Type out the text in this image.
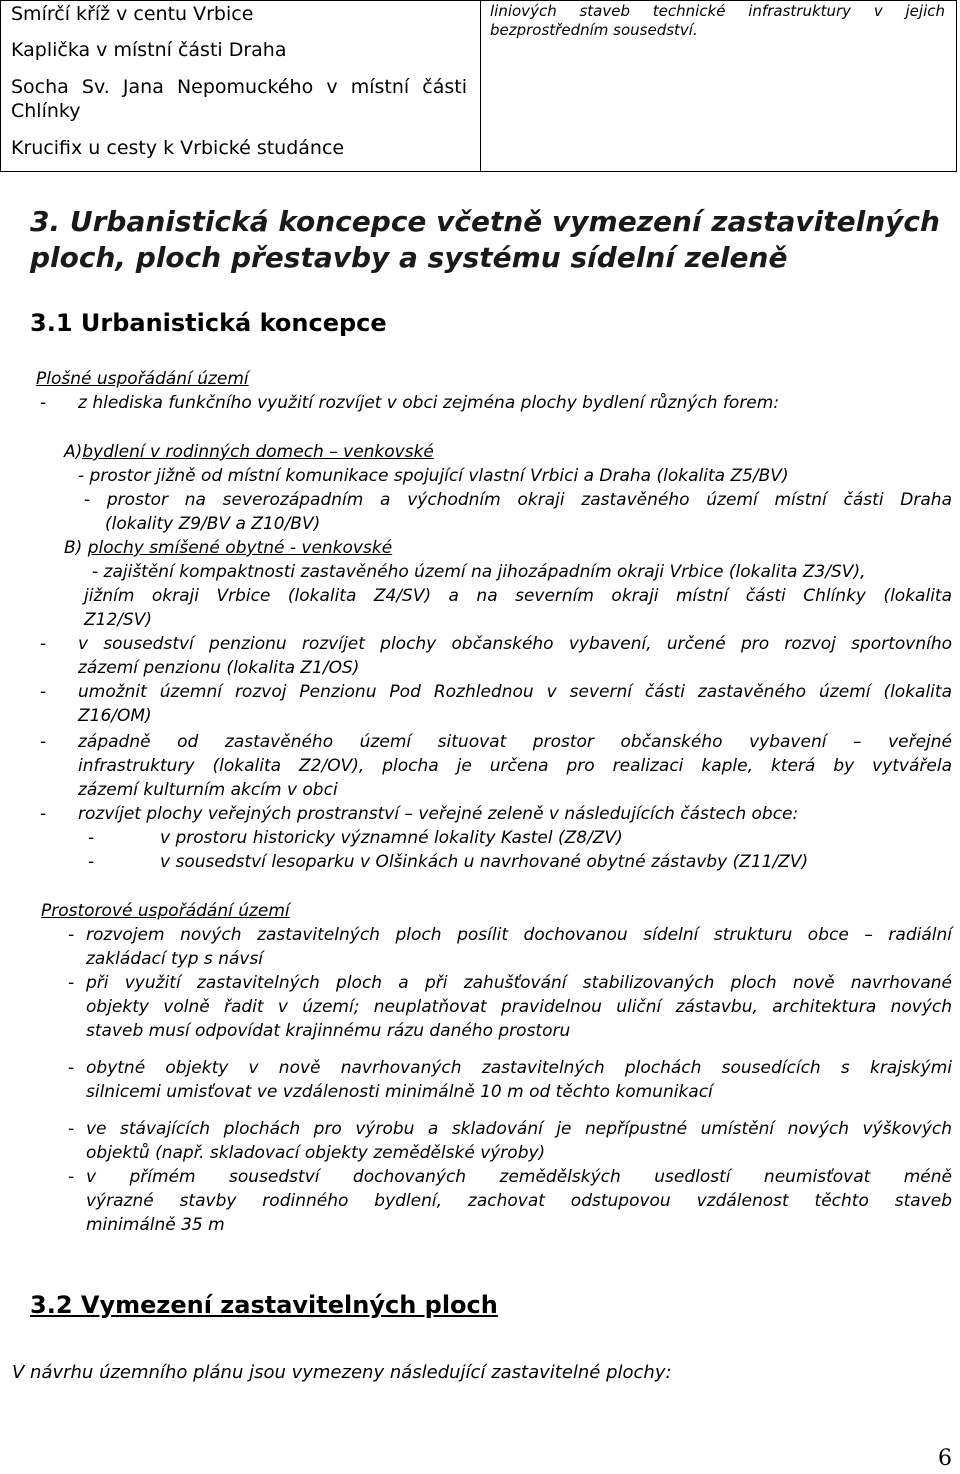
Smírčí kříž v centu Vrbice
Kaplička v místní části Draha
Socha Sv. Jana Nepomuckého v místní části
Chlínky
Krucifix u cesty k Vrbické studánce
liniových staveb technické infrastruktury v jejich
bezprostředním sousedství.
3. Urbanistická koncepce včetně vymezení zastavitelných
ploch, ploch přestavby a systému sídelní zeleně
3.1 Urbanistická koncepce
Plošné uspořádání území
- z hlediska funkčního využití rozvíjet v obci zejména plochy bydlení různých forem:
A)bydlení v rodinných domech – venkovské
- prostor jižně od místní komunikace spojující vlastní Vrbici a Draha (lokalita Z5/BV)
- prostor na severozápadním a východním okraji zastavěného území místní části Draha
(lokality Z9/BV a Z10/BV)
B) plochy smíšené obytné - venkovské
- zajištění kompaktnosti zastavěného území na jihozápadním okraji Vrbice (lokalita Z3/SV),
jižním okraji Vrbice (lokalita Z4/SV) a na severním okraji místní části Chlínky (lokalita
Z12/SV)
- v sousedství penzionu rozvíjet plochy občanského vybavení, určené pro rozvoj sportovního
zázemí penzionu (lokalita Z1/OS)
- umožnit územní rozvoj Penzionu Pod Rozhlednou v severní části zastavěného území (lokalita
Z16/OM)
- západně od zastavěného území situovat prostor občanského vybavení – veřejné
infrastruktury (lokalita Z2/OV), plocha je určena pro realizaci kaple, která by vytvářela
zázemí kulturním akcím v obci
- rozvíjet plochy veřejných prostranství – veřejné zeleně v následujících částech obce:
-	v prostoru historicky významné lokality Kastel (Z8/ZV)
-	v sousedství lesoparku v Olšinkách u navrhované obytné zástavby (Z11/ZV)
Prostorové uspořádání území
- rozvojem nových zastavitelných ploch posílit dochovanou sídelní strukturu obce – radiální
zakládací typ s návsí
- při využití zastavitelných ploch a při zahušťování stabilizovaných ploch nově navrhované
objekty volně řadit v území; neuplatňovat pravidelnou uliční zástavbu, architektura nových
staveb musí odpovídat krajinnému rázu daného prostoru
- obytné objekty v nově navrhovaných zastavitelných plochách sousedících s krajskými
silnicemi umisťovat ve vzdálenosti minimálně 10 m od těchto komunikací
- ve stávajících plochách pro výrobu a skladování je nepřípustné umístění nových výškových
objektů (např. skladovací objekty zemědělské výroby)
- v přímém sousedství dochovaných zemědělských usedlostí neumisťovat méně
výrazné stavby rodinného bydlení, zachovat odstupovou vzdálenost těchto staveb
minimálně 35 m
3.2 Vymezení zastavitelných ploch
V návrhu územního plánu jsou vymezeny následující zastavitelné plochy:
6
